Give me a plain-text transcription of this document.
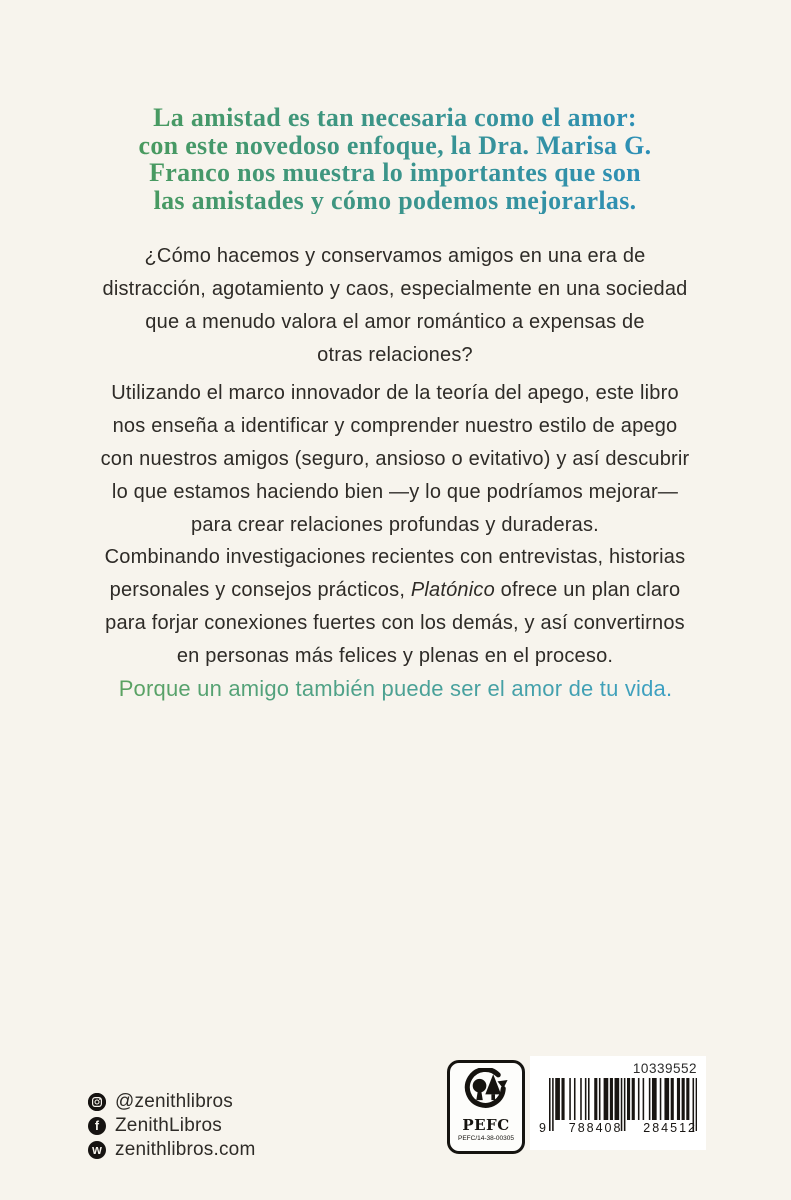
La amistad es tan necesaria como el amor:
con este novedoso enfoque, la Dra. Marisa G.
Franco nos muestra lo importantes que son
las amistades y cómo podemos mejorarlas.

¿Cómo hacemos y conservamos amigos en una era de
distracción, agotamiento y caos, especialmente en una sociedad
que a menudo valora el amor romántico a expensas de
otras relaciones?

Utilizando el marco innovador de la teoría del apego, este libro
nos enseña a identificar y comprender nuestro estilo de apego
con nuestros amigos (seguro, ansioso o evitativo) y así descubrir
lo que estamos haciendo bien —y lo que podríamos mejorar—
para crear relaciones profundas y duraderas.

Combinando investigaciones recientes con entrevistas, historias
personales y consejos prácticos, Platónico ofrece un plan claro
para forjar conexiones fuertes con los demás, y así convertirnos
en personas más felices y plenas en el proceso.

Porque un amigo también puede ser el amor de tu vida.
@zenithlibros
f ZenithLibros
w zenithlibros.com
PEFC
PEFC/14-38-00305
10339552
9 788408 284512
